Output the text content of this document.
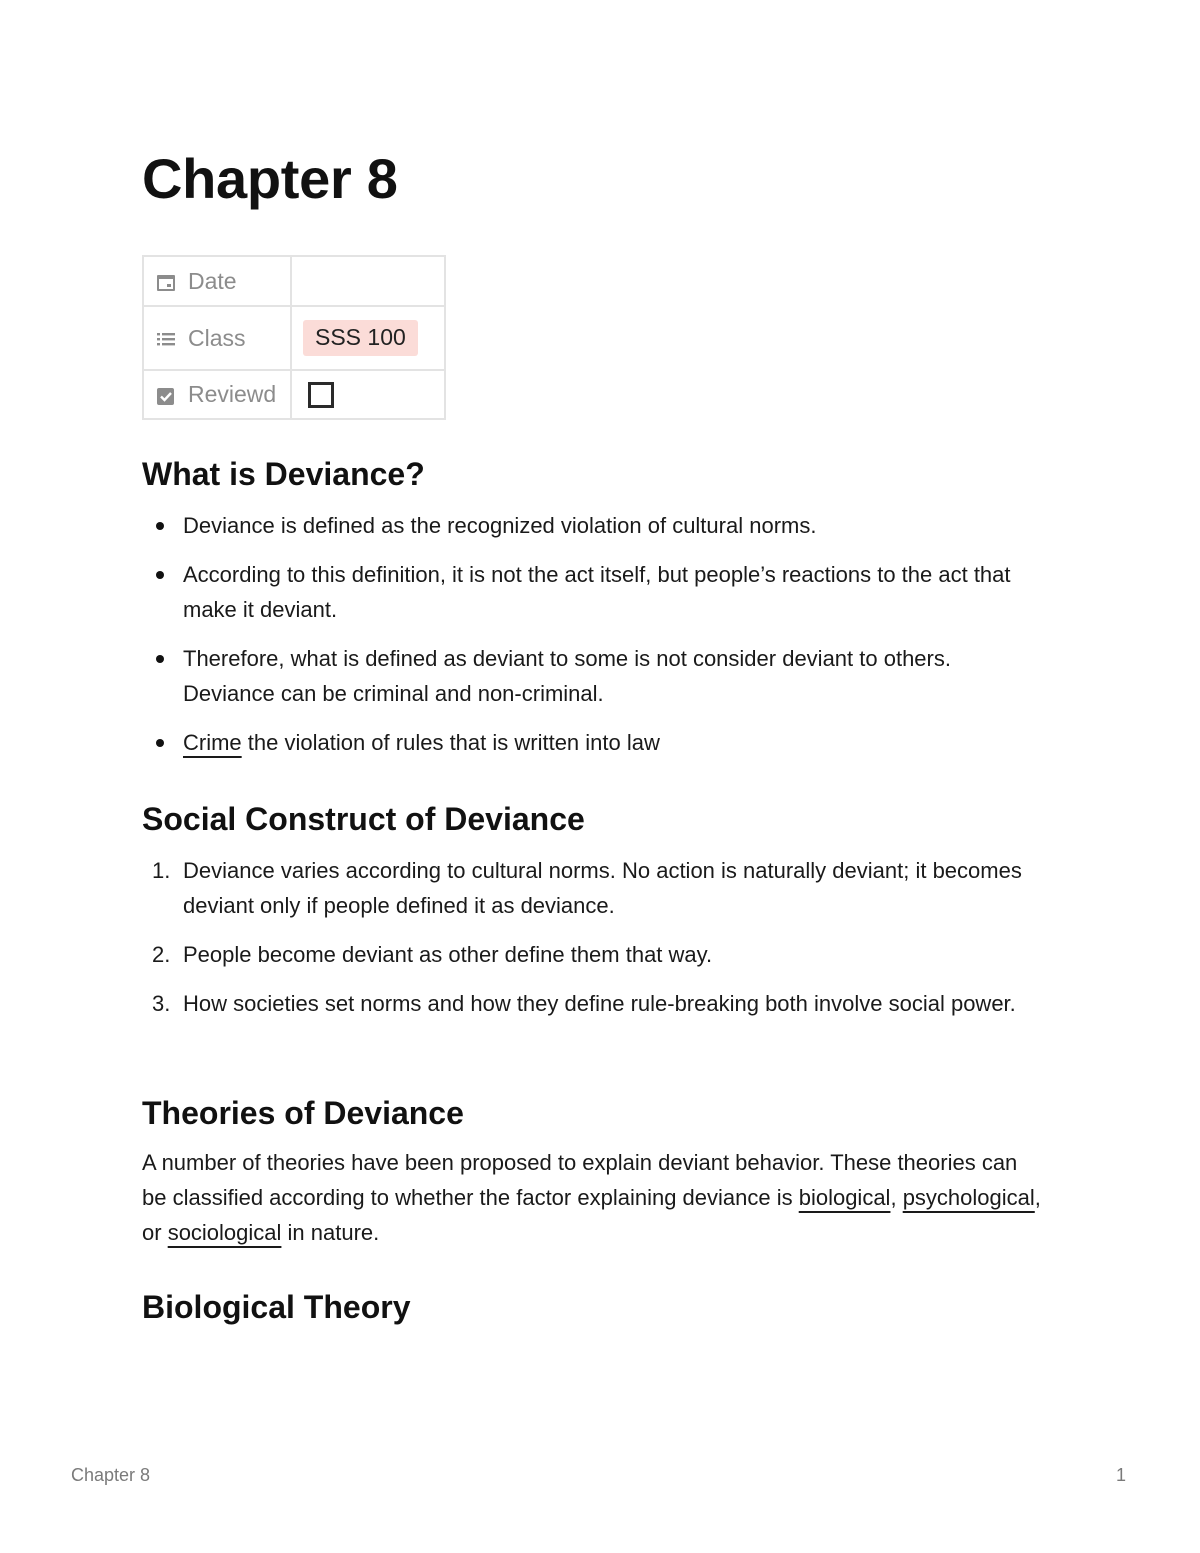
Chapter 8
Date	

Class	SSS 100

Reviewd	

What is Deviance?
Deviance is defined as the recognized violation of cultural norms.
According to this definition, it is not the act itself, but people’s reactions to the act that make it deviant.
Therefore, what is defined as deviant to some is not consider deviant to others. Deviance can be criminal and non-criminal.
Crime the violation of rules that is written into law
Social Construct of Deviance
1. Deviance varies according to cultural norms. No action is naturally deviant; it becomes deviant only if people defined it as deviance.
2. People become deviant as other define them that way.
3. How societies set norms and how they define rule-breaking both involve social power.
Theories of Deviance

A number of theories have been proposed to explain deviant behavior. These theories can be classified according to whether the factor explaining deviance is biological, psychological, or sociological in nature.

Biological Theory
Chapter 8	1
